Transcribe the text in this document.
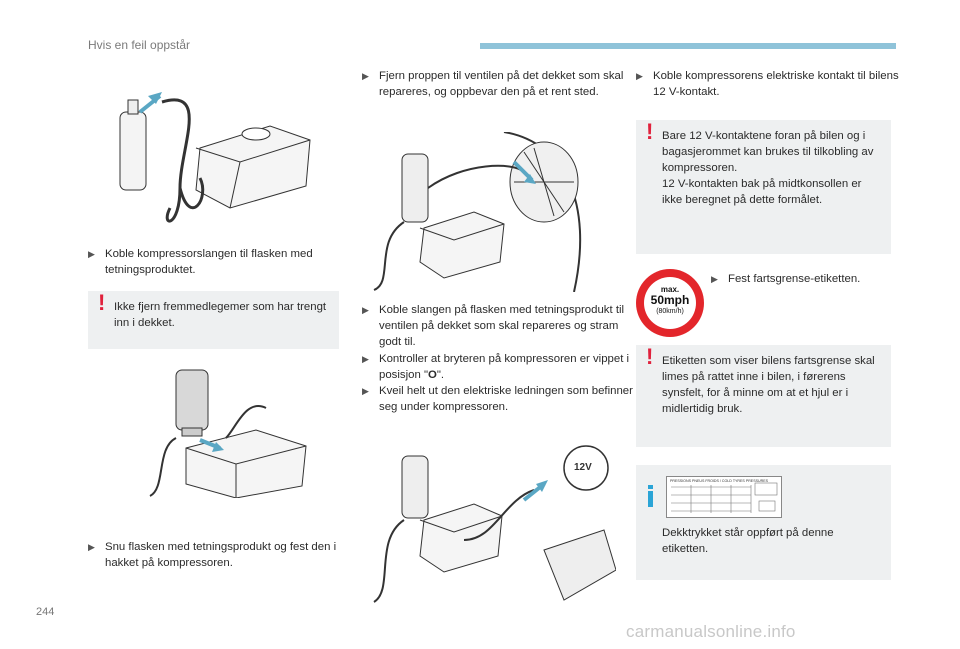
Hvis en feil oppstår
▶ Koble kompressorslangen til flasken med tetningsproduktet.
! Ikke fjern fremmedlegemer som har trengt inn i dekket.
▶ Snu flasken med tetningsprodukt og fest den i hakket på kompressoren.
▶ Fjern proppen til ventilen på det dekket som skal repareres, og oppbevar den på et rent sted.
▶ Koble slangen på flasken med tetningsprodukt til ventilen på dekket som skal repareres og stram godt til.
▶ Kontroller at bryteren på kompressoren er vippet i posisjon "O".
▶ Kveil helt ut den elektriske ledningen som befinner seg under kompressoren.
12V
▶ Koble kompressorens elektriske kontakt til bilens 12 V-kontakt.
! Bare 12 V-kontaktene foran på bilen og i bagasjerommet kan brukes til tilkobling av kompressoren.
12 V-kontakten bak på midtkonsollen er ikke beregnet på dette formålet.
max.
50mph
(80km/h)
▶ Fest fartsgrense-etiketten.
! Etiketten som viser bilens fartsgrense skal limes på rattet inne i bilen, i førerens synsfelt, for å minne om at et hjul er i midlertidig bruk.
Dekktrykket står oppført på denne etiketten.
PRESSIONS PNEUS FROIDS / COLD TYRES PRESSURES
244
carmanualsonline.info
